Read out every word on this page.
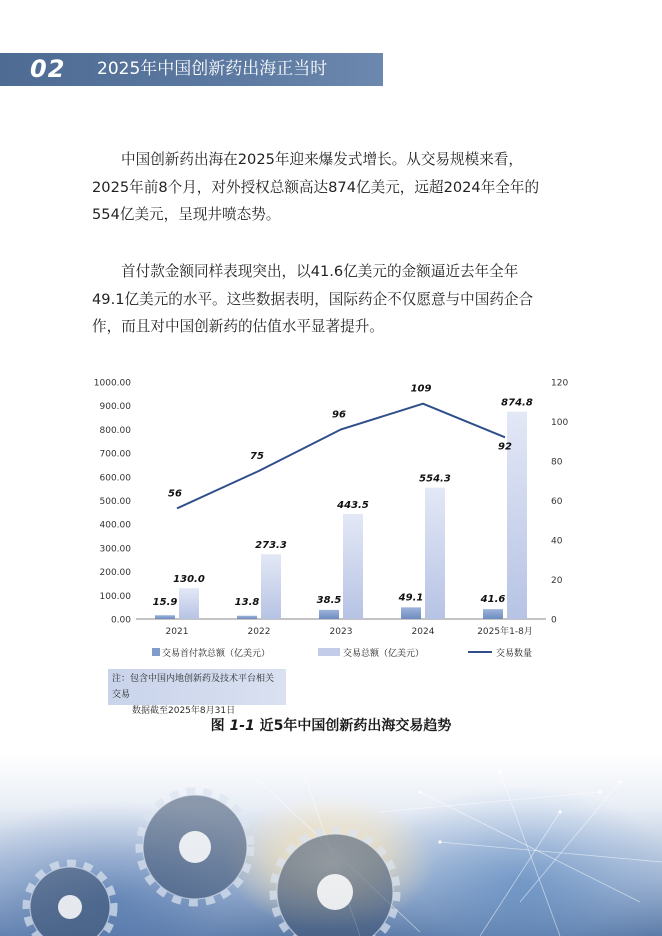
02 2025年中国创新药出海正当时

中国创新药出海在2025年迎来爆发式增长。从交易规模来看，

2025年前8个月，对外授权总额高达874亿美元，远超2024年全年的

554亿美元，呈现井喷态势。

首付款金额同样表现突出，以41.6亿美元的金额逼近去年全年

49.1亿美元的水平。这些数据表明，国际药企不仅愿意与中国药企合

作，而且对中国创新药的估值水平显著提升。

0.00
100.00
200.00
300.00
400.00
500.00
600.00
700.00
800.00
900.00
1000.00
0
20
40
60
80
100
120
2021	2022	2023	2024	2025年1-8月
15.9	13.8	38.5	49.1	41.6
130.0
273.3
443.5
554.3
874.8
56
75
96
109
92
交易首付款总额（亿美元）	交易总额（亿美元）	交易数量
注：包含中国内地创新药及技术平台相关交易
数据截至2025年8月31日
图 1-1 近5年中国创新药出海交易趋势
